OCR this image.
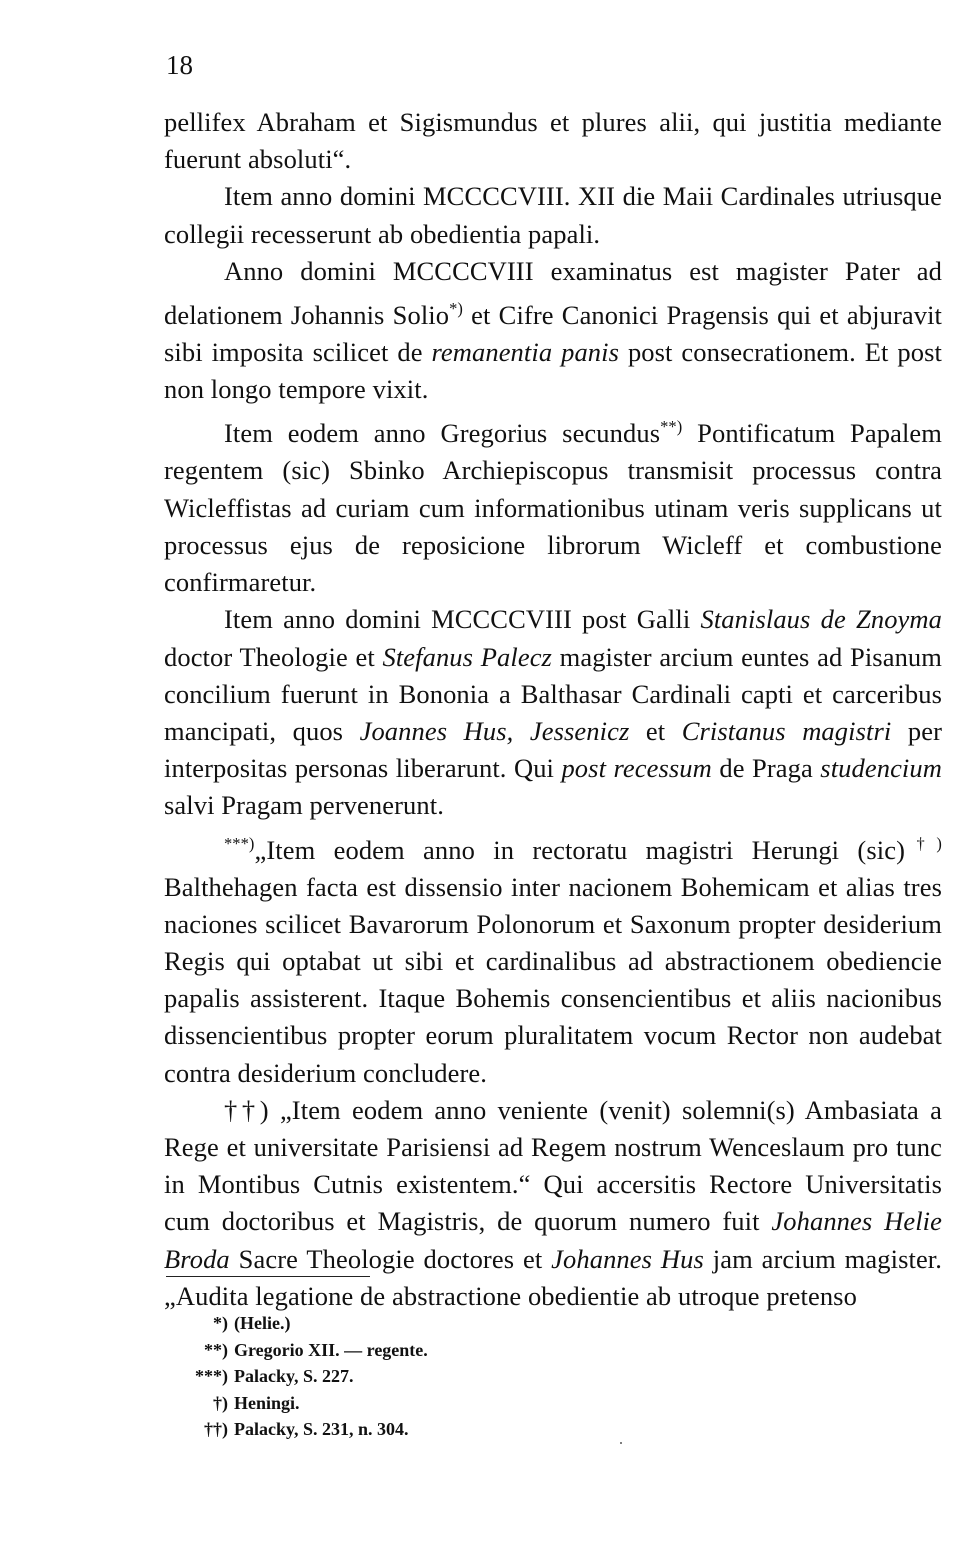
18

pellifex Abraham et Sigismundus et plures alii, qui justitia mediante fuerunt absoluti“.

Item anno domini MCCCCVIII. XII die Maii Cardinales utriusque collegii recesserunt ab obedientia papali.

Anno domini MCCCCVIII examinatus est magister Pater ad delationem Johannis Solio*) et Cifre Canonici Pragensis qui et abjuravit sibi imposita scilicet de remanentia panis post consecrationem. Et post non longo tempore vixit.

Item eodem anno Gregorius secundus**) Pontificatum Papalem regentem (sic) Sbinko Archiepiscopus transmisit processus contra Wicleffistas ad curiam cum informationibus utinam veris supplicans ut processus ejus de reposicione librorum Wicleff et combustione confirmaretur.

Item anno domini MCCCCVIII post Galli Stanislaus de Znoyma doctor Theologie et Stefanus Palecz magister arcium euntes ad Pisanum concilium fuerunt in Bononia a Balthasar Cardinali capti et carceribus mancipati, quos Joannes Hus, Jessenicz et Cristanus magistri per interpositas personas liberarunt. Qui post recessum de Praga studencium salvi Pragam pervenerunt.

***)„Item eodem anno in rectoratu magistri Herungi (sic)†) Balthehagen facta est dissensio inter nacionem Bohemicam et alias tres naciones scilicet Bavarorum Polonorum et Saxonum propter desiderium Regis qui optabat ut sibi et cardinalibus ad abstractionem obediencie papalis assisterent. Itaque Bohemis consencientibus et aliis nacionibus dissencientibus propter eorum pluralitatem vocum Rector non audebat contra desiderium concludere.

††) „Item eodem anno veniente (venit) solemni(s) Ambasiata a Rege et universitate Parisiensi ad Regem nostrum Wenceslaum pro tunc in Montibus Cutnis existentem.“ Qui accersitis Rectore Universitatis cum doctoribus et Magistris, de quorum numero fuit Johannes Helie Broda Sacre Theologie doctores et Johannes Hus jam arcium magister. „Audita legatione de abstractione obedientie ab utroque pretenso

*) (Helie.)
**) Gregorio XII. — regente.
***) Palacky, S. 227.
†) Heningi.
††) Palacky, S. 231, n. 304.
